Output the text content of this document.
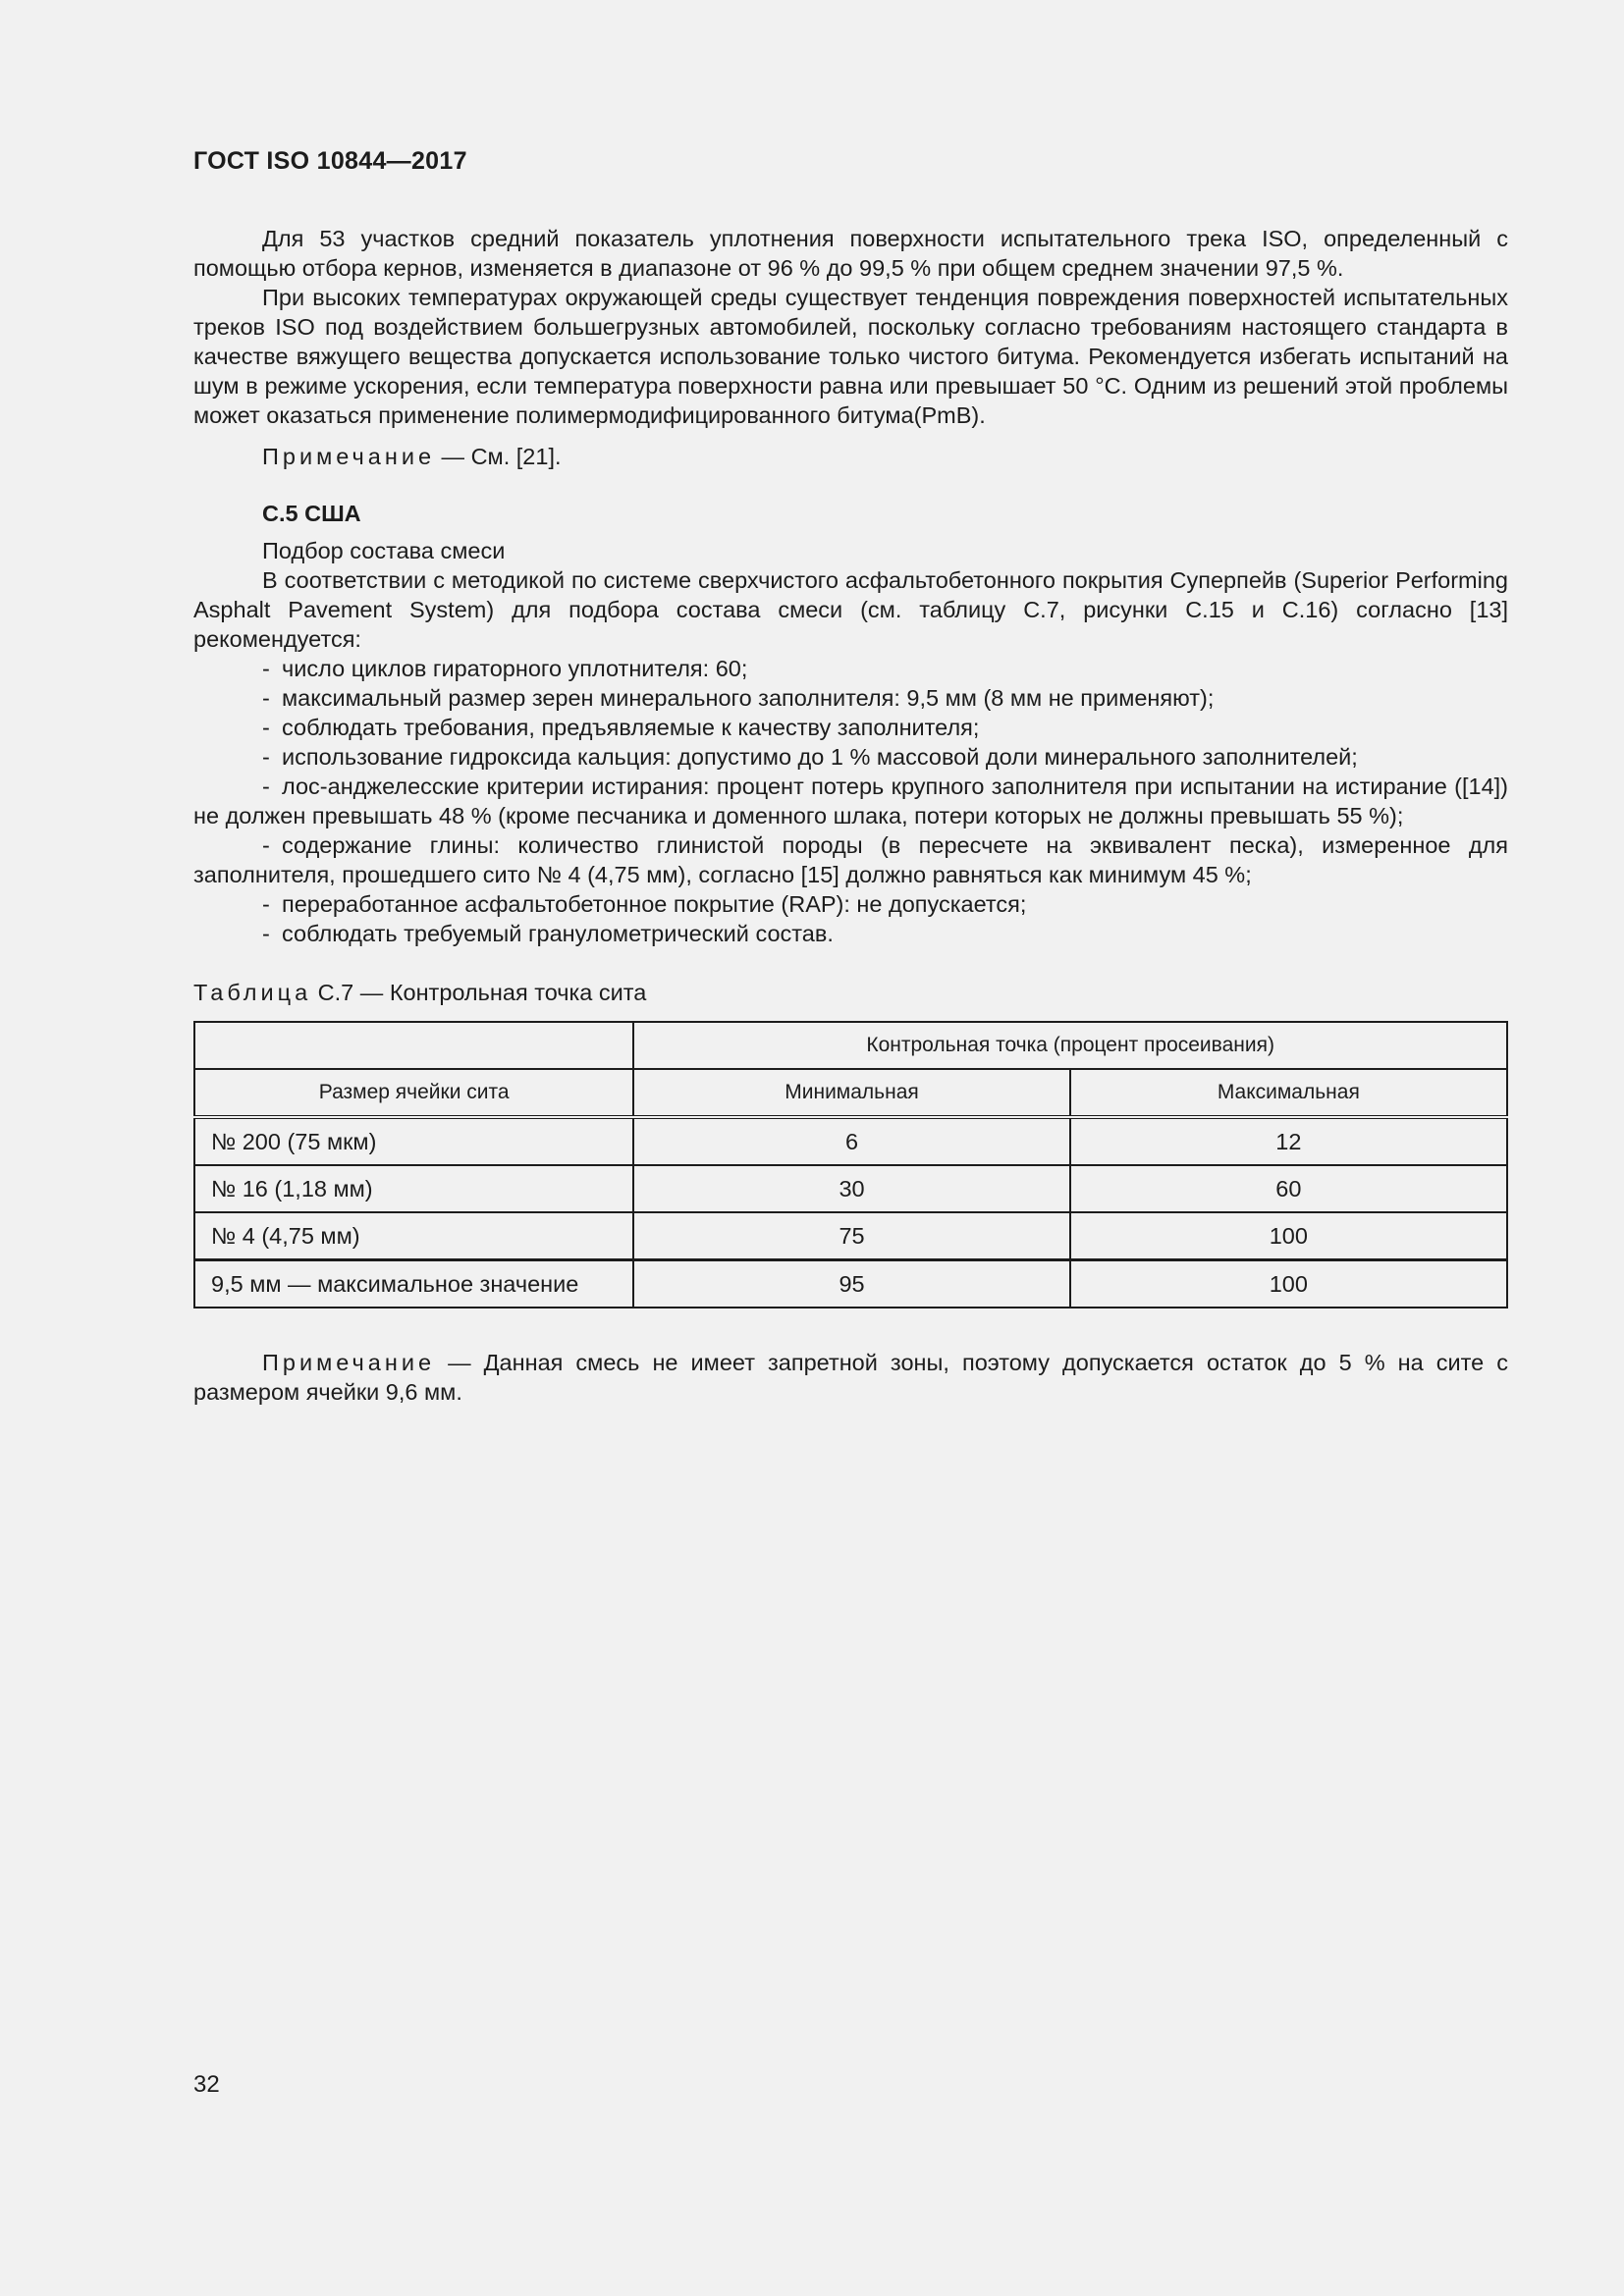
ГОСТ ISO 10844—2017

Для 53 участков средний показатель уплотнения поверхности испытательного трека ISO, определенный с помощью отбора кернов, изменяется в диапазоне от 96 % до 99,5 % при общем среднем значении 97,5 %.

При высоких температурах окружающей среды существует тенденция повреждения поверхностей испытательных треков ISO под воздействием большегрузных автомобилей, поскольку согласно требованиям настоящего стандарта в качестве вяжущего вещества допускается использование только чистого битума. Рекомендуется избегать испытаний на шум в режиме ускорения, если температура поверхности равна или превышает 50 °С. Одним из решений этой проблемы может оказаться применение полимермодифицированного битума(PmB).

Примечание — См. [21].

С.5 США

Подбор состава смеси

В соответствии с методикой по системе сверхчистого асфальтобетонного покрытия Суперпейв (Superior Performing Asphalt Pavement System) для подбора состава смеси (см. таблицу С.7, рисунки С.15 и С.16) согласно [13] рекомендуется:

- число циклов гираторного уплотнителя: 60;
- максимальный размер зерен минерального заполнителя: 9,5 мм (8 мм не применяют);
- соблюдать требования, предъявляемые к качеству заполнителя;
- использование гидроксида кальция: допустимо до 1 % массовой доли минерального заполнителей;
- лос-анджелесские критерии истирания: процент потерь крупного заполнителя при испытании на истирание ([14]) не должен превышать 48 % (кроме песчаника и доменного шлака, потери которых не должны превышать 55 %);
- содержание глины: количество глинистой породы (в пересчете на эквивалент песка), измеренное для заполнителя, прошедшего сито № 4 (4,75 мм), согласно [15] должно равняться как минимум 45 %;
- переработанное асфальтобетонное покрытие (RAP): не допускается;
- соблюдать требуемый гранулометрический состав.

Таблица С.7 — Контрольная точка сита

	Контрольная точка (процент просеивания)	
Размер ячейки сита	Минимальная	Максимальная
№ 200 (75 мкм)	6	12
№ 16 (1,18 мм)	30	60
№ 4 (4,75 мм)	75	100
9,5 мм — максимальное значение	95	100

Примечание — Данная смесь не имеет запретной зоны, поэтому допускается остаток до 5 % на сите с размером ячейки 9,6 мм.

32
